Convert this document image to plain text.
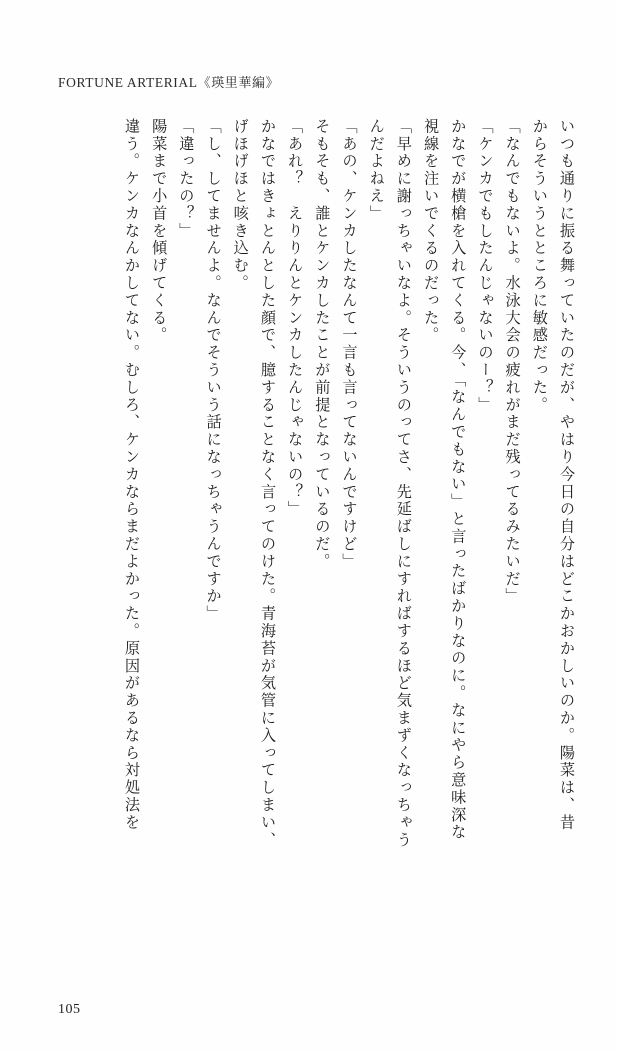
FORTUNE ARTERIAL《瑛里華編》
いつも通りに振る舞っていたのだが、やはり今日の自分はどこかおかしいのか。陽菜は、昔
からそういうとところに敏感だった。
「なんでもないよ。水泳大会の疲れがまだ残ってるみたいだ」
「ケンカでもしたんじゃないのー？」
かなでが横槍を入れてくる。今、「なんでもない」と言ったばかりなのに。なにやら意味深な
視線を注いでくるのだった。
「早めに謝っちゃいなよ。そういうのってさ、先延ばしにすればするほど気まずくなっちゃう
んだよねえ」
「あの、ケンカしたなんて一言も言ってないんですけど」
そもそも、誰とケンカしたことが前提となっているのだ。
「あれ？　えりりんとケンカしたんじゃないの？」
かなではきょとんとした顔で、臆することなく言ってのけた。青海苔が気管に入ってしまい、
げほげほと咳き込む。
「し、してませんよ。なんでそういう話になっちゃうんですか」
「違ったの？」
陽菜まで小首を傾げてくる。
違う。ケンカなんかしてない。むしろ、ケンカならまだよかった。原因があるなら対処法を
105
